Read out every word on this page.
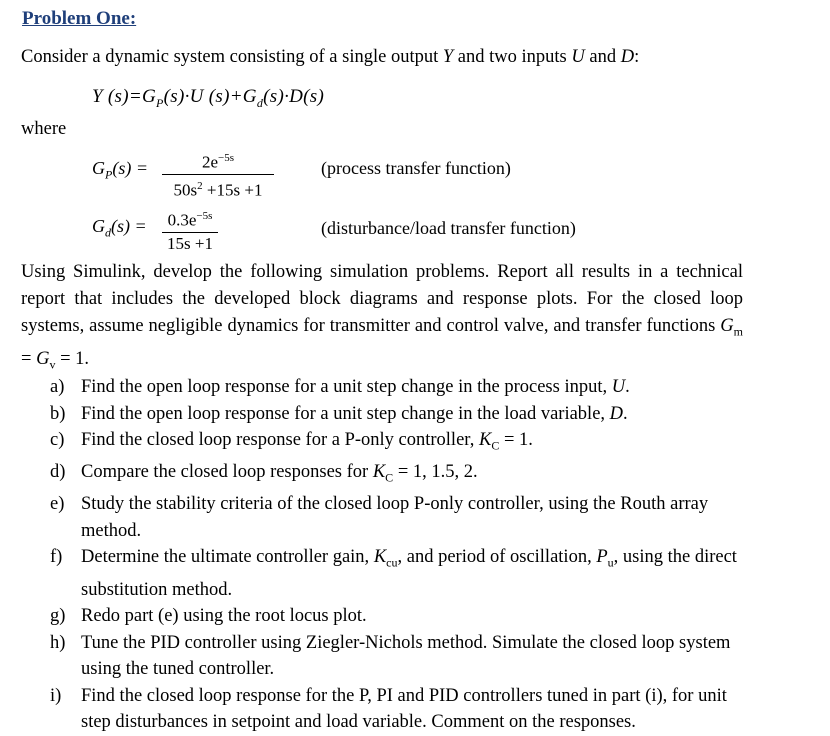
Problem One:
Consider a dynamic system consisting of a single output Y and two inputs U and D:
Y $(s)=G_P(s)\cdot U$ $(s)+G_d(s)\cdot D(s)$
where
$G_P(s)$ =	$2e^{-5s}$
$50s^2 +15s +1$
(process transfer function)
$G_d(s)$ =	$0.3e^{-5s}$
15s +1
(disturbance/load transfer function)
Using Simulink, develop the following simulation problems. Report all results in a technical report that includes the developed block diagrams and response plots. For the closed loop systems, assume negligible dynamics for transmitter and control valve, and transfer functions $G_m = G_v = 1$.
a) Find the open loop response for a unit step change in the process input, U.
b) Find the open loop response for a unit step change in the load variable, D.
c) Find the closed loop response for a P-only controller, $K_C = 1$.
d) Compare the closed loop responses for $K_C = 1$, 1.5, 2.
e) Study the stability criteria of the closed loop P-only controller, using the Routh array method.
f) Determine the ultimate controller gain, $K_{cu}$, and period of oscillation, $P_u$, using the direct substitution method.
g) Redo part (e) using the root locus plot.
h) Tune the PID controller using Ziegler-Nichols method. Simulate the closed loop system using the tuned controller.
i) Find the closed loop response for the P, PI and PID controllers tuned in part (i), for unit step disturbances in setpoint and load variable. Comment on the responses.
